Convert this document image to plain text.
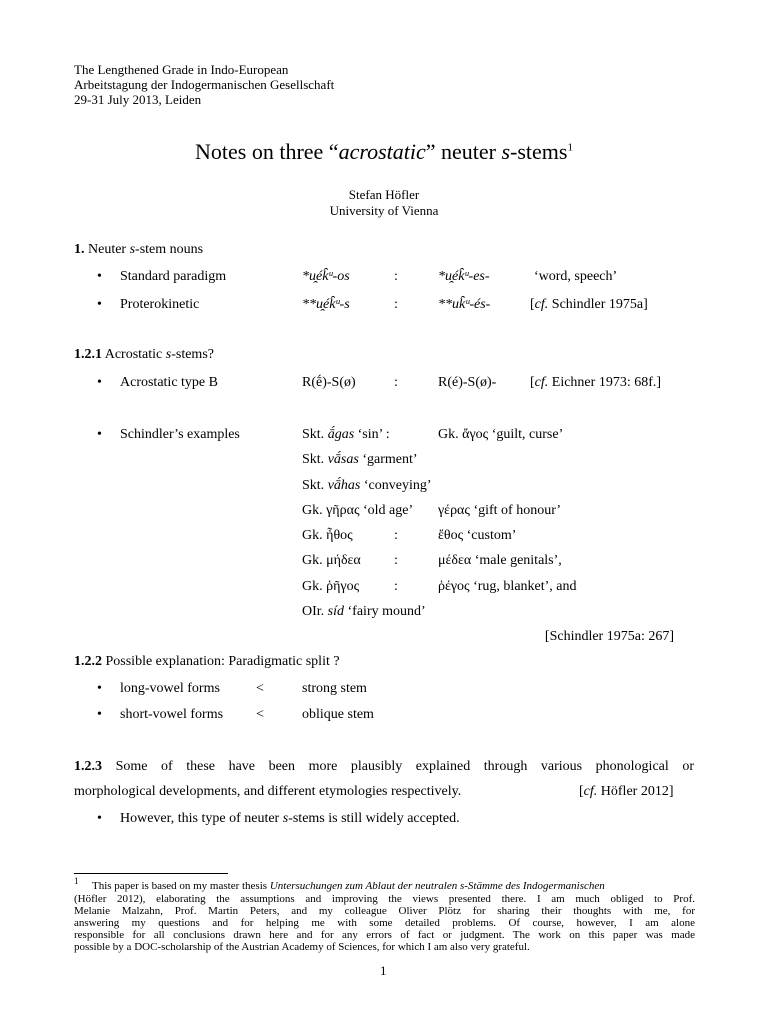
The Lengthened Grade in Indo-European
Arbeitstagung der Indogermanischen Gesellschaft
29-31 July 2013, Leiden
Notes on three “acrostatic” neuter s-stems$^1$
Stefan Höfler
University of Vienna
1. Neuter s-stem nouns
•
Standard paradigm	*u̯ék̑ᵘ-os	:	*u̯ék̑ᵘ-es-	‘word, speech’
•
Proterokinetic	**u̯ék̑ᵘ-s	:	**uk̑ᵘ-és-	[cf. Schindler 1975a]
1.2.1 Acrostatic s-stems?
•
Acrostatic type B	R(ḗ)-S(ø)	:	R(é)-S(ø)- [cf. Eichner 1973: 68f.]
•
Schindler’s examples	Skt. ā́gas ‘sin’ :	Gk. ἄγος ‘guilt, curse’
Skt. vā́sas ‘garment’
Skt. vā́has ‘conveying’
Gk. γῆρας ‘old age’ γέρας ‘gift of honour’
Gk. ἦθος	:	ἔθος ‘custom’
Gk. μήδεα :	μέδεα ‘male genitals’,
Gk. ῥῆγος :	ῥέγος ‘rug, blanket’, and
OIr. síd ‘fairy mound’
[Schindler 1975a: 267]
1.2.2 Possible explanation: Paradigmatic split ?
•
long-vowel forms	<	strong stem
•
short-vowel forms <	oblique stem
1.2.3 Some of these have been more plausibly explained through various phonological or
morphological developments, and different etymologies respectively.	[cf. Höfler 2012]
•
However, this type of neuter s-stems is still widely accepted.
1 This paper is based on my master thesis Untersuchungen zum Ablaut der neutralen s-Stämme des Indogermanischen
(Höfler 2012), elaborating the assumptions and improving the views presented there. I am much obliged to Prof.
Melanie Malzahn, Prof. Martin Peters, and my colleague Oliver Plötz for sharing their thoughts with me, for
answering my questions and for helping me with some detailed problems. Of course, however, I am alone
responsible for all conclusions drawn here and for any errors of fact or judgment. The work on this paper was made
possible by a DOC-scholarship of the Austrian Academy of Sciences, for which I am also very grateful.
1
